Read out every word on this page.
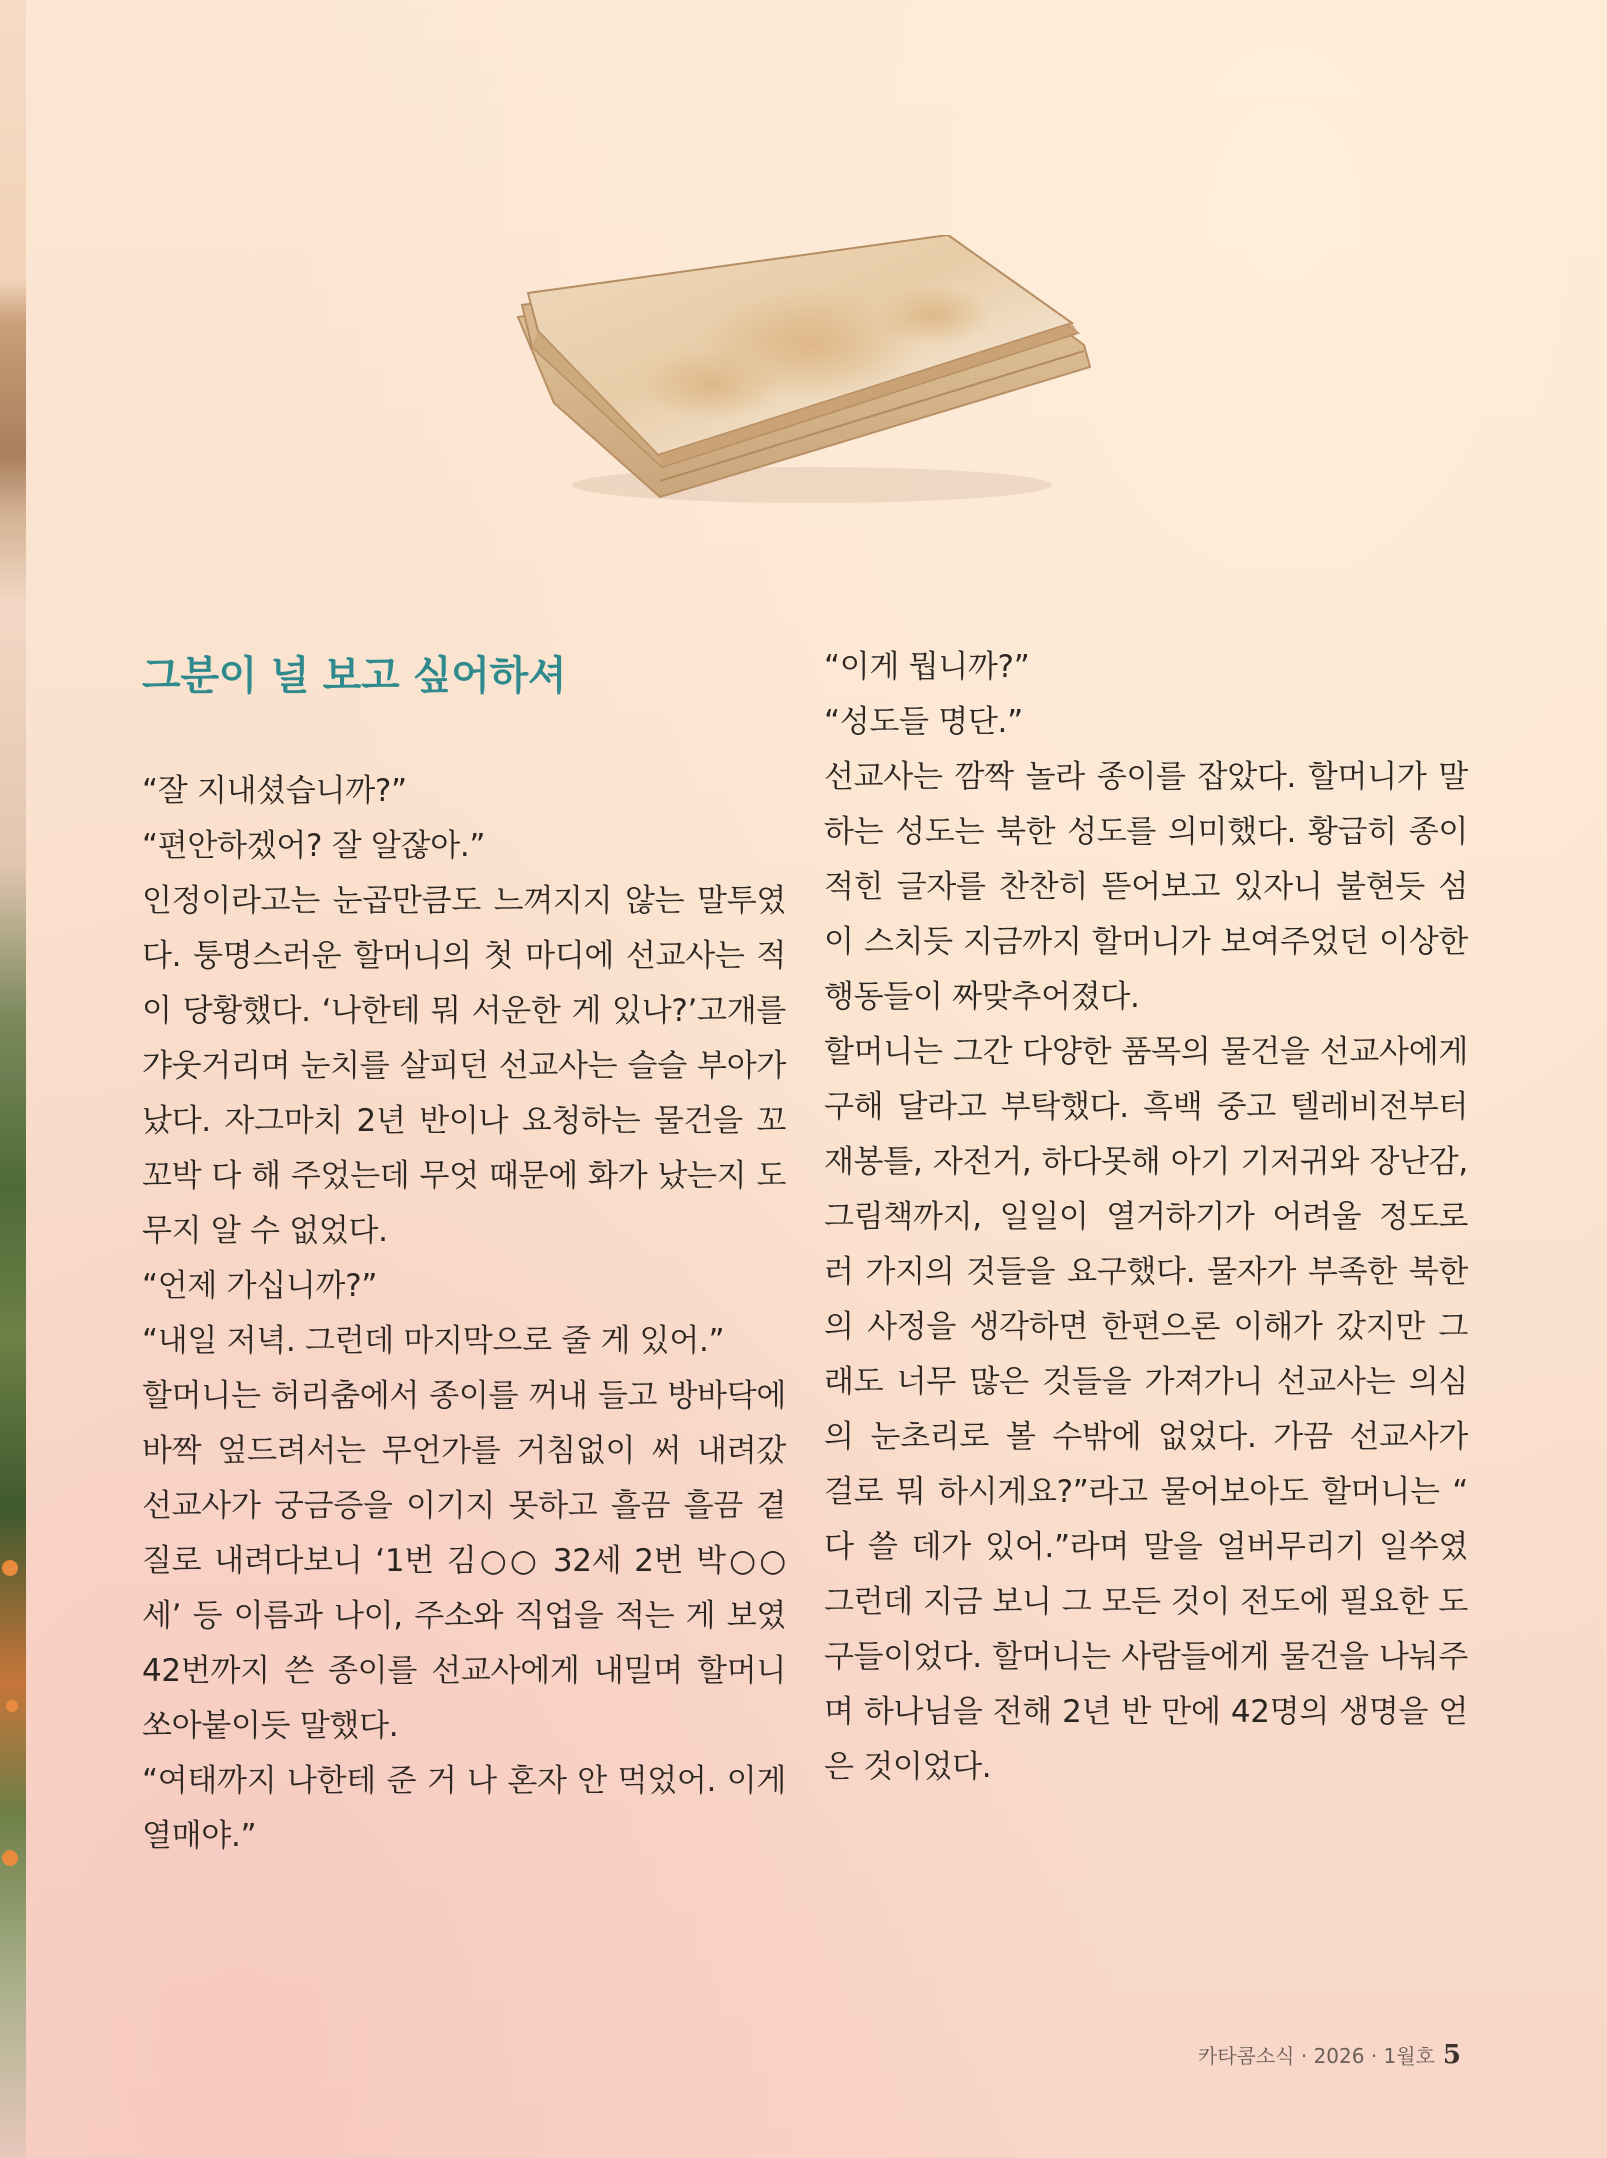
그분이 널 보고 싶어하셔
“잘 지내셨습니까?”
“편안하겠어? 잘 알잖아.”
인정이라고는 눈곱만큼도 느껴지지 않는 말투였
다. 퉁명스러운 할머니의 첫 마디에 선교사는 적
이 당황했다. ‘나한테 뭐 서운한 게 있나?’고개를
갸웃거리며 눈치를 살피던 선교사는 슬슬 부아가
났다. 자그마치 2년 반이나 요청하는 물건을 꼬
꼬박 다 해 주었는데 무엇 때문에 화가 났는지 도
무지 알 수 없었다.
“언제 가십니까?”
“내일 저녁. 그런데 마지막으로 줄 게 있어.”
할머니는 허리춤에서 종이를 꺼내 들고 방바닥에
바짝 엎드려서는 무언가를 거침없이 써 내려갔
선교사가 궁금증을 이기지 못하고 흘끔 흘끔 곁
질로 내려다보니 ‘1번 김○○ 32세 2번 박○○
세’ 등 이름과 나이, 주소와 직업을 적는 게 보였
42번까지 쓴 종이를 선교사에게 내밀며 할머니
쏘아붙이듯 말했다.
“여태까지 나한테 준 거 나 혼자 안 먹었어. 이게
열매야.”
“이게 뭡니까?”
“성도들 명단.”
선교사는 깜짝 놀라 종이를 잡았다. 할머니가 말
하는 성도는 북한 성도를 의미했다. 황급히 종이
적힌 글자를 찬찬히 뜯어보고 있자니 불현듯 섬
이 스치듯 지금까지 할머니가 보여주었던 이상한
행동들이 짜맞추어졌다.
할머니는 그간 다양한 품목의 물건을 선교사에게
구해 달라고 부탁했다. 흑백 중고 텔레비전부터
재봉틀, 자전거, 하다못해 아기 기저귀와 장난감,
그림책까지, 일일이 열거하기가 어려울 정도로
러 가지의 것들을 요구했다. 물자가 부족한 북한
의 사정을 생각하면 한편으론 이해가 갔지만 그
래도 너무 많은 것들을 가져가니 선교사는 의심
의 눈초리로 볼 수밖에 없었다. 가끔 선교사가
걸로 뭐 하시게요?”라고 물어보아도 할머니는 “
다 쓸 데가 있어.”라며 말을 얼버무리기 일쑤였
그런데 지금 보니 그 모든 것이 전도에 필요한 도
구들이었다. 할머니는 사람들에게 물건을 나눠주
며 하나님을 전해 2년 반 만에 42명의 생명을 얻
은 것이었다.
카타콤소식 · 2026 · 1월호 5
